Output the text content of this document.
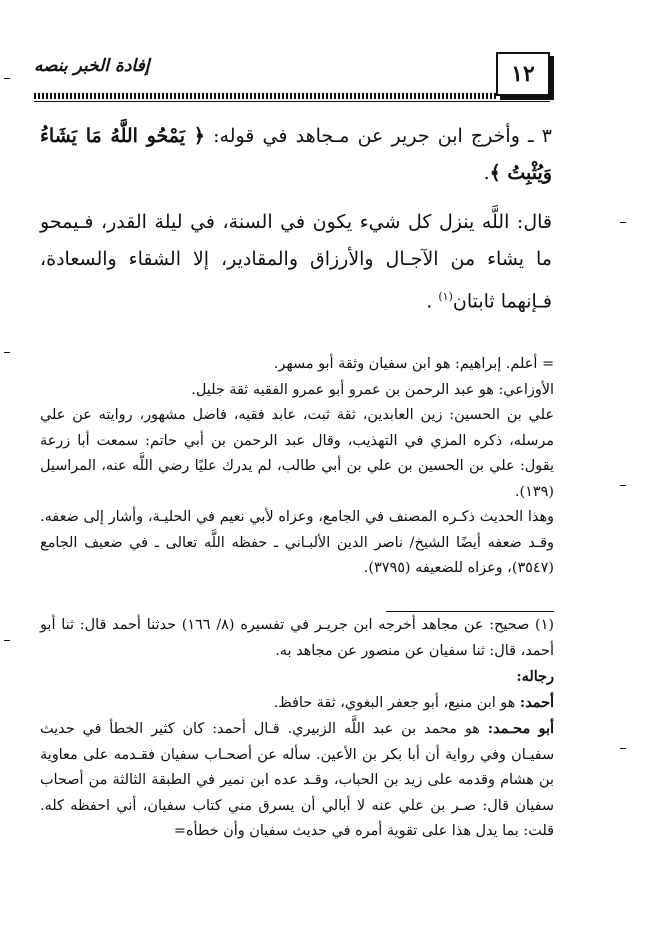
إفادة الخبر بنصه	١٢

٣ ـ وأخرج ابن جرير عن مـجاهد في قوله: ﴿ يَمْحُو اللَّهُ مَا يَشَاءُ وَيُثْبِتُ ﴾.

قال: اللَّه ينزل كل شيء يكون في السنة، في ليلة القدر، فـيمحو ما يشاء من الآجـال والأرزاق والمقادير، إلا الشقاء والسعادة، فـإنهما ثابتان$^{(١)}$ .

= أعلم. إبراهيم: هو ابن سفيان وثقة أبو مسهر.

الأوزاعي: هو عبد الرحمن بن عمرو أبو عمرو الفقيه ثقة جليل.

علي بن الحسين: زين العابدين، ثقة ثبت، عابد فقيه، فاضل مشهور، روايته عن علي مرسله، ذكره المزي في التهذيب، وقال عبد الرحمن بن أبي حاتم: سمعت أبا زرعة يقول: علي بن الحسين بن علي بن أبي طالب، لم يدرك عليًا رضي اللَّه عنه، المراسيل (١٣٩).

وهذا الحديث ذكـره المصنف في الجامع، وعزاه لأبي نعيم في الحليـة، وأشار إلى ضعفه. وقـد ضعفه أيضًا الشيخ/ ناصر الدين الألبـاني ـ حفظه اللَّه تعالى ـ في ضعيف الجامع (٣٥٤٧)، وعزاه للضعيفه (٣٧٩٥).

(١) صحيح: عن مجاهد أخرجه ابن جريـر في تفسيره (٨/ ١٦٦) حدثنا أحمد قال: ثنا أبو أحمد، قال: ثنا سفيان عن منصور عن مجاهد به.

رجاله:

أحمد: هو ابن منيع، أبو جعفر البغوي، ثقة حافظ.

أبو محـمد: هو محمد بن عبد اللَّه الزبيري. قـال أحمد: كان كثير الخطأ في حديث سفيـان وفي رواية أن أبا بكر بن الأعين. سأله عن أصحـاب سفيان فقـدمه على معاوية بن هشام وقدمه على زيد بن الحباب، وقـد عده ابن نمير في الطبقة الثالثة من أصحاب سفيان قال: صـر بن علي عنه لا أبالي أن يسرق مني كتاب سفيان، أني احفظه كله. قلت: بما يدل هذا على تقوية أمره في حديث سفيان وأن خطأه=
